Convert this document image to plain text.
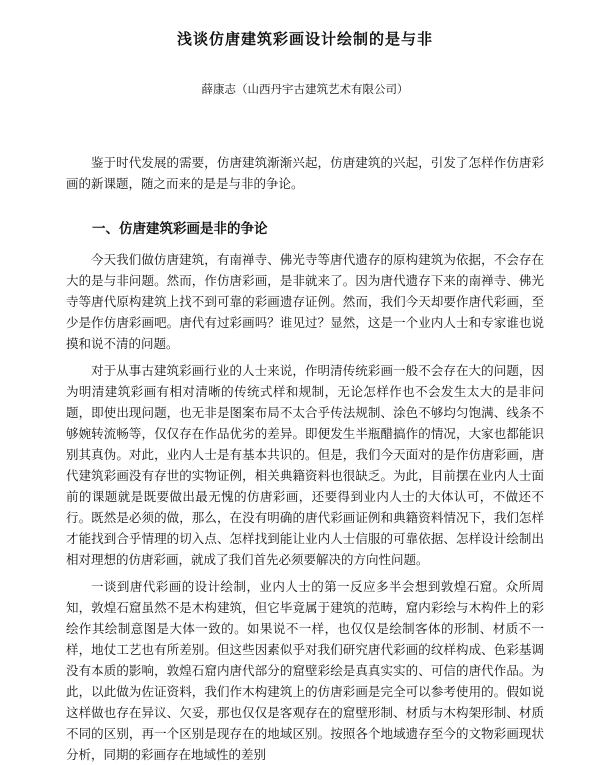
浅谈仿唐建筑彩画设计绘制的是与非
薛康志（山西丹宇古建筑艺术有限公司）

鉴于时代发展的需要，仿唐建筑渐渐兴起，仿唐建筑的兴起，引发了怎样作仿唐彩画的新课题，随之而来的是是与非的争论。

一、仿唐建筑彩画是非的争论

今天我们做仿唐建筑，有南禅寺、佛光寺等唐代遗存的原构建筑为依据，不会存在大的是与非问题。然而，作仿唐彩画，是非就来了。因为唐代遗存下来的南禅寺、佛光寺等唐代原构建筑上找不到可靠的彩画遗存证例。然而，我们今天却要作唐代彩画，至少是作仿唐彩画吧。唐代有过彩画吗？谁见过？显然，这是一个业内人士和专家谁也说摸和说不清的问题。

对于从事古建筑彩画行业的人士来说，作明清传统彩画一般不会存在大的问题，因为明清建筑彩画有相对清晰的传统式样和规制，无论怎样作也不会发生太大的是非问题，即使出现问题，也无非是图案布局不太合乎传法规制、涂色不够均匀饱满、线条不够婉转流畅等，仅仅存在作品优劣的差异。即便发生半瓶醋搞作的情况，大家也都能识别其真伪。对此，业内人士是有基本共识的。但是，我们今天面对的是作仿唐彩画，唐代建筑彩画没有存世的实物证例，相关典籍资料也很缺乏。为此，目前摆在业内人士面前的课题就是既要做出最无愧的仿唐彩画，还要得到业内人士的大体认可，不做还不行。既然是必须的做，那么，在没有明确的唐代彩画证例和典籍资料情况下，我们怎样才能找到合乎情理的切入点、怎样找到能让业内人士信服的可靠依据、怎样设计绘制出相对理想的仿唐彩画，就成了我们首先必须要解决的方向性问题。

一谈到唐代彩画的设计绘制，业内人士的第一反应多半会想到敦煌石窟。众所周知，敦煌石窟虽然不是木构建筑，但它毕竟属于建筑的范畴，窟内彩绘与木构件上的彩绘作其绘制意图是大体一致的。如果说不一样，也仅仅是绘制客体的形制、材质不一样，地仗工艺也有所差别。但这些因素似乎对我们研究唐代彩画的纹样构成、色彩基调没有本质的影响，敦煌石窟内唐代部分的窟壁彩绘是真真实实的、可信的唐代作品。为此，以此做为佐证资料，我们作木构建筑上的仿唐彩画是完全可以参考使用的。假如说这样做也存在异议、欠妥，那也仅仅是客观存在的窟壁形制、材质与木构架形制、材质不同的区别，再一个区别是现存在的地域区别。按照各个地域遗存至今的文物彩画现状分析，同期的彩画存在地域性的差别
